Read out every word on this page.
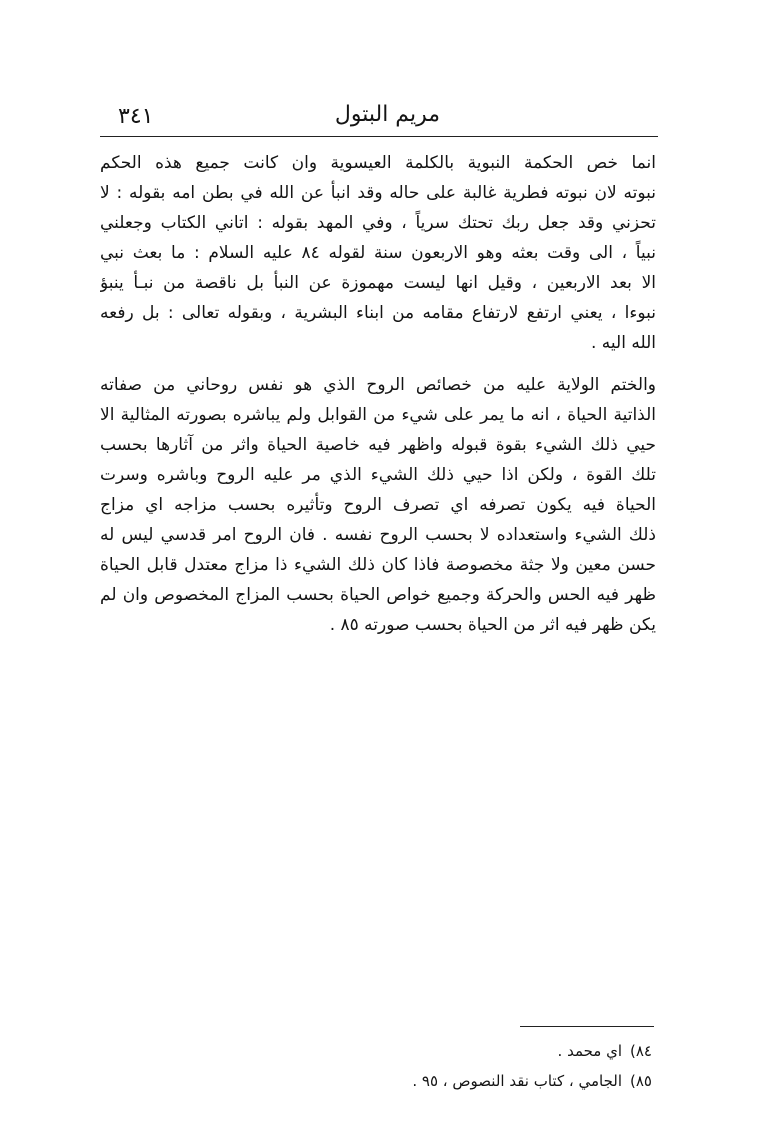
مريم البتول
٣٤١

انما خص الحكمة النبوية بالكلمة العيسوية وان كانت جميع هذه الحكم
نبوته لان نبوته فطرية غالبة على حاله وقد انبأ عن الله في بطن امه بقوله : لا
تحزني وقد جعل ربك تحتك سرياً ، وفي المهد بقوله : اتاني الكتاب وجعلني
نبياً ، الى وقت بعثه وهو الاربعون سنة لقوله ٨٤ عليه السلام : ما بعث نبي
الا بعد الاربعين ، وقيل انها ليست مهموزة عن النبأ بل ناقصة من نبـأ ينبؤ
نبوءا ، يعني ارتفع لارتفاع مقامه من ابناء البشرية ، وبقوله تعالى : بل رفعه
الله اليه .

والختم الولاية عليه من خصائص الروح الذي هو نفس روحاني من صفاته
الذاتية الحياة ، انه ما يمر على شيء من القوابل ولم يباشره بصورته المثالية الا
حيي ذلك الشيء بقوة قبوله واظهر فيه خاصية الحياة واثر من آثارها بحسب
تلك القوة ، ولكن اذا حيي ذلك الشيء الذي مر عليه الروح وباشره وسرت
الحياة فيه يكون تصرفه اي تصرف الروح وتأثيره بحسب مزاجه اي مزاج
ذلك الشيء واستعداده لا بحسب الروح نفسه . فان الروح امر قدسي ليس له
حسن معين ولا جثة مخصوصة فاذا كان ذلك الشيء ذا مزاج معتدل قابل الحياة
ظهر فيه الحس والحركة وجميع خواص الحياة بحسب المزاج المخصوص وان لم
يكن ظهر فيه اثر من الحياة بحسب صورته ٨٥ .

٨٤)اي محمد .
٨٥)الجامي ، كتاب نقد النصوص ، ٩٥ .
